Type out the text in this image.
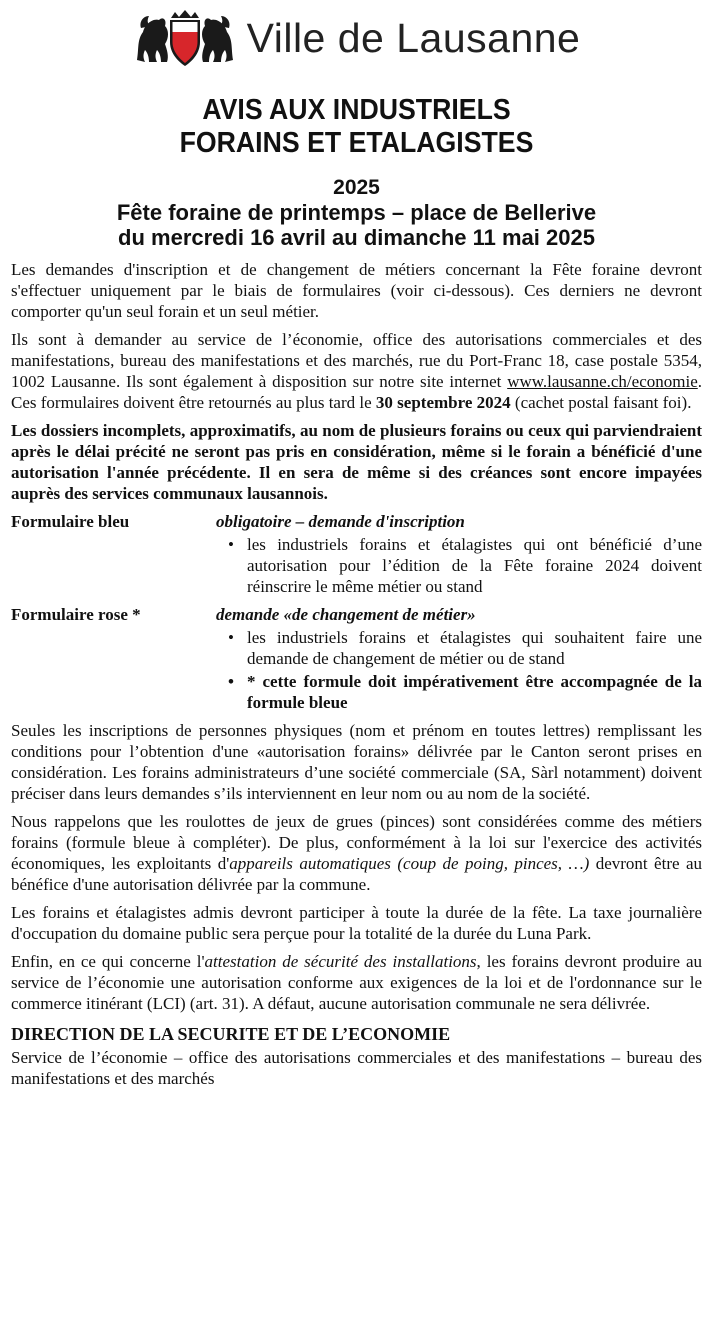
Ville de Lausanne
AVIS AUX INDUSTRIELS
FORAINS ET ETALAGISTES
2025
Fête foraine de printemps – place de Bellerive
du mercredi 16 avril au dimanche 11 mai 2025

Les demandes d'inscription et de changement de métiers concernant la Fête foraine devront s'effectuer uniquement par le biais de formulaires (voir ci-dessous). Ces derniers ne devront comporter qu'un seul forain et un seul métier.

Ils sont à demander au service de l’économie, office des autorisations commerciales et des manifestations, bureau des manifestations et des marchés, rue du Port-Franc 18, case postale 5354, 1002 Lausanne. Ils sont également à disposition sur notre site internet www.lausanne.ch/economie. Ces formulaires doivent être retournés au plus tard le 30 septembre 2024 (cachet postal faisant foi).

Les dossiers incomplets, approximatifs, au nom de plusieurs forains ou ceux qui parviendraient après le délai précité ne seront pas pris en considération, même si le forain a bénéficié d'une autorisation l'année précédente. Il en sera de même si des créances sont encore impayées auprès des services communaux lausannois.

Formulaire bleu	obligatoire – demande d'inscription
• les industriels forains et étalagistes qui ont bénéficié d’une autorisation pour l’édition de la Fête foraine 2024 doivent réinscrire le même métier ou stand
Formulaire rose *	demande «de changement de métier»
• les industriels forains et étalagistes qui souhaitent faire une demande de changement de métier ou de stand
• * cette formule doit impérativement être accompagnée de la formule bleue

Seules les inscriptions de personnes physiques (nom et prénom en toutes lettres) remplissant les conditions pour l’obtention d'une «autorisation forains» délivrée par le Canton seront prises en considération. Les forains administrateurs d’une société commerciale (SA, Sàrl notamment) doivent préciser dans leurs demandes s’ils interviennent en leur nom ou au nom de la société.

Nous rappelons que les roulottes de jeux de grues (pinces) sont considérées comme des métiers forains (formule bleue à compléter). De plus, conformément à la loi sur l'exercice des activités économiques, les exploitants d'appareils automatiques (coup de poing, pinces, …) devront être au bénéfice d'une autorisation délivrée par la commune.

Les forains et étalagistes admis devront participer à toute la durée de la fête. La taxe journalière d'occupation du domaine public sera perçue pour la totalité de la durée du Luna Park.

Enfin, en ce qui concerne l'attestation de sécurité des installations, les forains devront produire au service de l’économie une autorisation conforme aux exigences de la loi et de l'ordonnance sur le commerce itinérant (LCI) (art. 31). A défaut, aucune autorisation communale ne sera délivrée.

DIRECTION DE LA SECURITE ET DE L’ECONOMIE
Service de l’économie – office des autorisations commerciales et des manifestations – bureau des manifestations et des marchés
